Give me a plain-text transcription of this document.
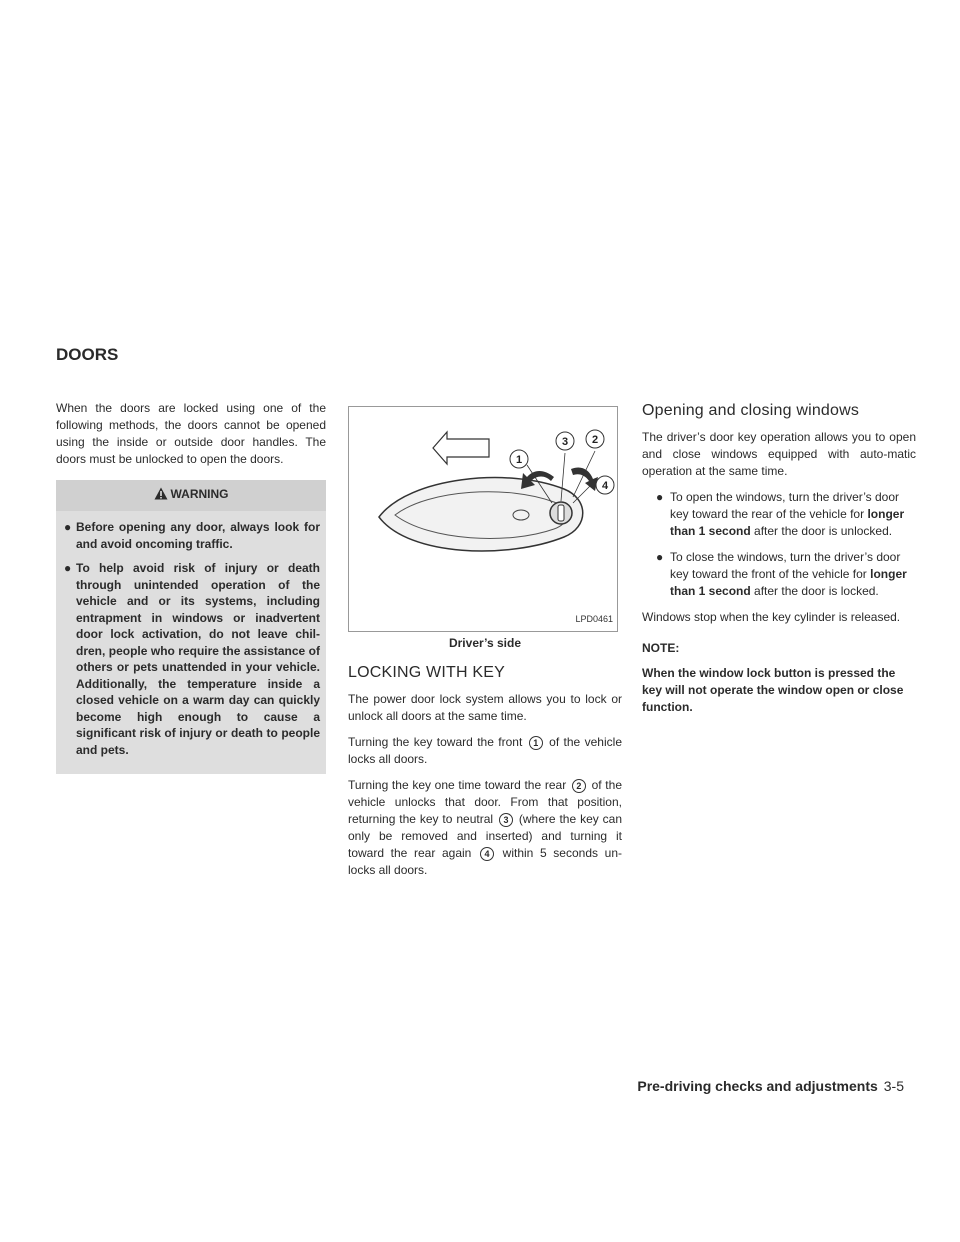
DOORS

When the doors are locked using one of the following methods, the doors cannot be opened using the inside or outside door handles. The doors must be unlocked to open the doors.

WARNING
● Before opening any door, always look for and avoid oncoming traffic.
● To help avoid risk of injury or death through unintended operation of the vehicle and or its systems, including entrapment in windows or inadvertent door lock activation, do not leave chil-dren, people who require the assistance of others or pets unattended in your vehicle. Additionally, the temperature inside a closed vehicle on a warm day can quickly become high enough to cause a significant risk of injury or death to people and pets.
1
3 2
4
LPD0461
Driver’s side
LOCKING WITH KEY

The power door lock system allows you to lock or unlock all doors at the same time.

Turning the key toward the front 1 of the vehicle locks all doors.

Turning the key one time toward the rear 2 of the vehicle unlocks that door. From that position, returning the key to neutral 3 (where the key can only be removed and inserted) and turning it toward the rear again 4 within 5 seconds un-locks all doors.

Opening and closing windows

The driver’s door key operation allows you to open and close windows equipped with auto-matic operation at the same time.

● To open the windows, turn the driver’s door key toward the rear of the vehicle for longer than 1 second after the door is unlocked.
● To close the windows, turn the driver’s door key toward the front of the vehicle for longer than 1 second after the door is locked.

Windows stop when the key cylinder is released.

NOTE:
When the window lock button is pressed the key will not operate the window open or close function.
Pre-driving checks and adjustments 3-5
